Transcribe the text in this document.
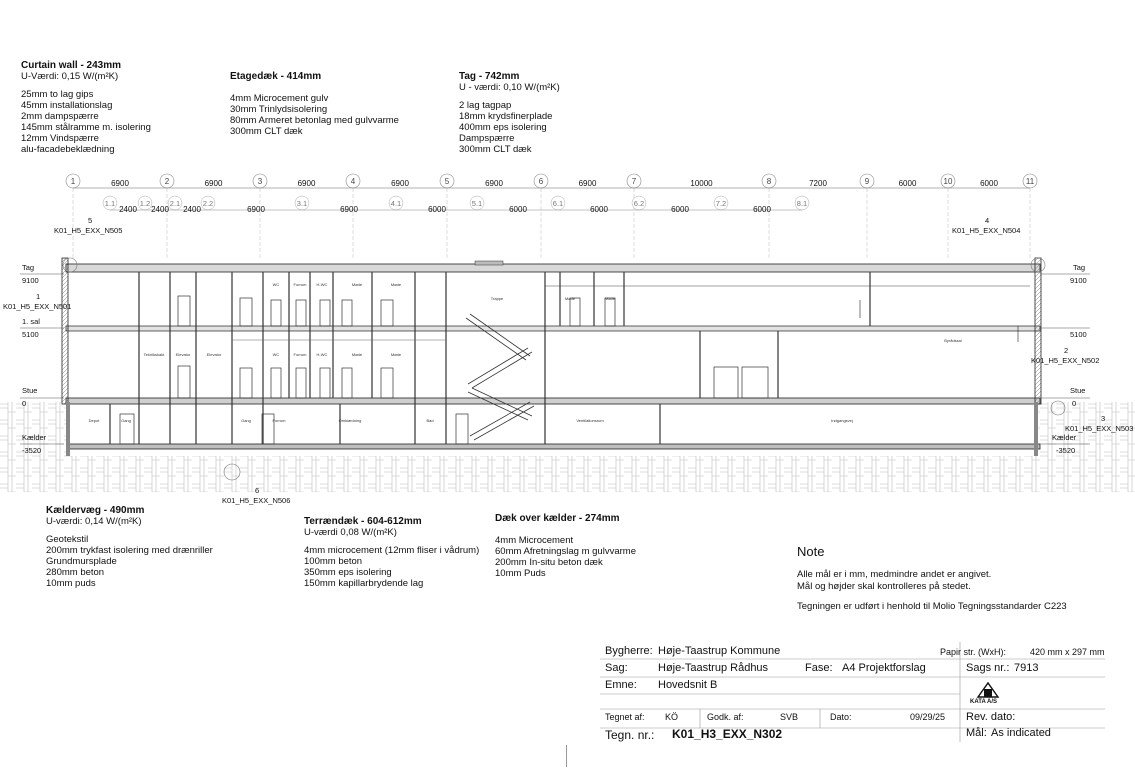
Curtain wall - 243mm
U-Værdi: 0,15 W/(m²K)
25mm to lag gips
45mm installationslag
2mm dampspærre
145mm stålramme m. isolering
12mm Vindspærre
alu-facadebeklædning
Etagedæk - 414mm
4mm Microcement gulv
30mm Trinlydsisolering
80mm Armeret betonlag med gulvvarme
300mm CLT dæk
Tag - 742mm
U - værdi: 0,10 W/(m²K)
2 lag tagpap
18mm krydsfinerplade
400mm eps isolering
Dampspærre
300mm CLT dæk
1	2	3	4	5	6	7	8	9	10	11
6900	6900	6900	6900	6900	6900	10000	7200	6000	6000
1.1	1.2	2.1	2.2	3.1	4.1	5.1	6.1	6.2	7.2	8.1
2400 2400 2400	6900	6900	6000	6000	6000	6000	6000
WC	Forrum	H-WC	Møde	Møde
Trappe	Møde	Møde
Teknikskakt	Elevator	Elevator	WC	Forrum	H-WC	Møde	Møde
Byrådssal
Depot	Gang	Gang	Forrum	Omklædning	Bad	Ventilationsrum	Indgangsvej
Tag
9100
1. sal
5100
Stue
0
Kælder
-3520
Tag
9100
5100
Stue
0
Kælder
-3520
5
K01_H5_EXX_N505
4
K01_H5_EXX_N504
1
K01_H5_EXX_N501
2
K01_H5_EXX_N502
3
K01_H5_EXX_N503
6
K01_H5_EXX_N506
Kældervæg - 490mm
U-værdi: 0,14 W/(m²K)
Geotekstil
200mm trykfast isolering med drænriller
Grundmursplade
280mm beton
10mm puds
Terrændæk - 604-612mm
U-værdi 0,08 W/(m²K)
4mm microcement (12mm fliser i vådrum)
100mm beton
350mm eps isolering
150mm kapillarbrydende lag
Dæk over kælder - 274mm
4mm Microcement
60mm Afretningslag m gulvvarme
200mm In-situ beton dæk
10mm Puds
Note
Alle mål er i mm, medmindre andet er angivet.
Mål og højder skal kontrolleres på stedet.
Tegningen er udført i henhold til Molio Tegningsstandarder C223
Bygherre: Høje-Taastrup Kommune	Papir str. (WxH):	420 mm x 297 mm
Sag:	Høje-Taastrup Rådhus	Fase: A4 Projektforslag	Sags nr.: 7913
Emne: Hovedsnit B
KATA A/S
Tegnet af: KÖ	Godk. af:	SVB	Dato:	09/29/25 Rev. dato:
Tegn. nr.: K01_H3_EXX_N302	Mål: As indicated
